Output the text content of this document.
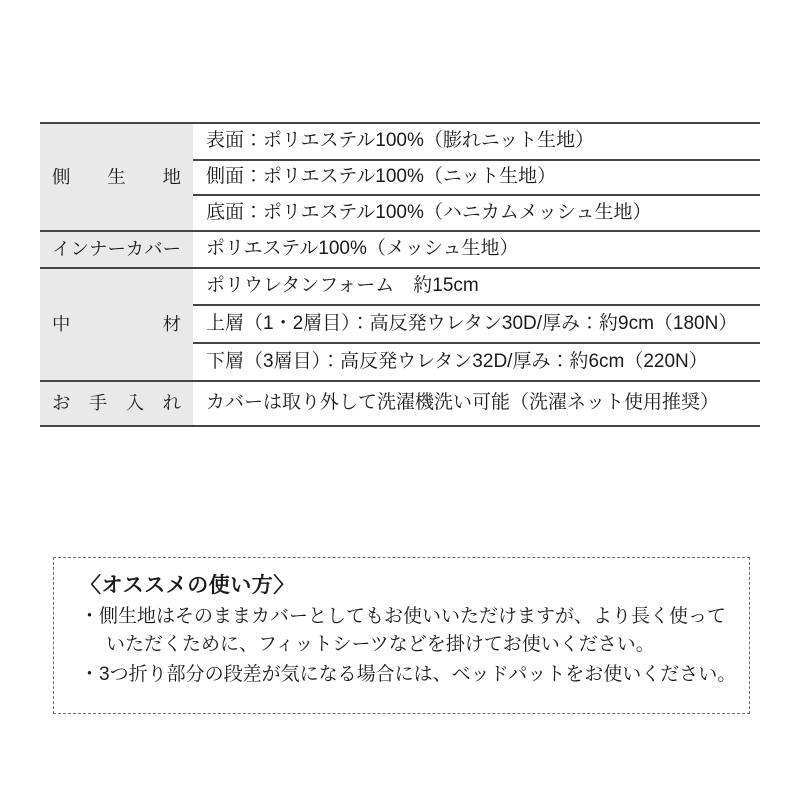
側生地
表面：ポリエステル100%（膨れニット生地）
側面：ポリエステル100%（ニット生地）
底面：ポリエステル100%（ハニカムメッシュ生地）
インナーカバー	ポリエステル100%（メッシュ生地）
中材
ポリウレタンフォーム　約15cm
上層（1・2層目）：高反発ウレタン30D/厚み：約9cm（180N）
下層（3層目）：高反発ウレタン32D/厚み：約6cm（220N）
お手入れ	カバーは取り外して洗濯機洗い可能（洗濯ネット使用推奨）
〈オススメの使い方〉
・側生地はそのままカバーとしてもお使いいただけますが、より長く使って
いただくために、フィットシーツなどを掛けてお使いください。
・3つ折り部分の段差が気になる場合には、ベッドパットをお使いください。
